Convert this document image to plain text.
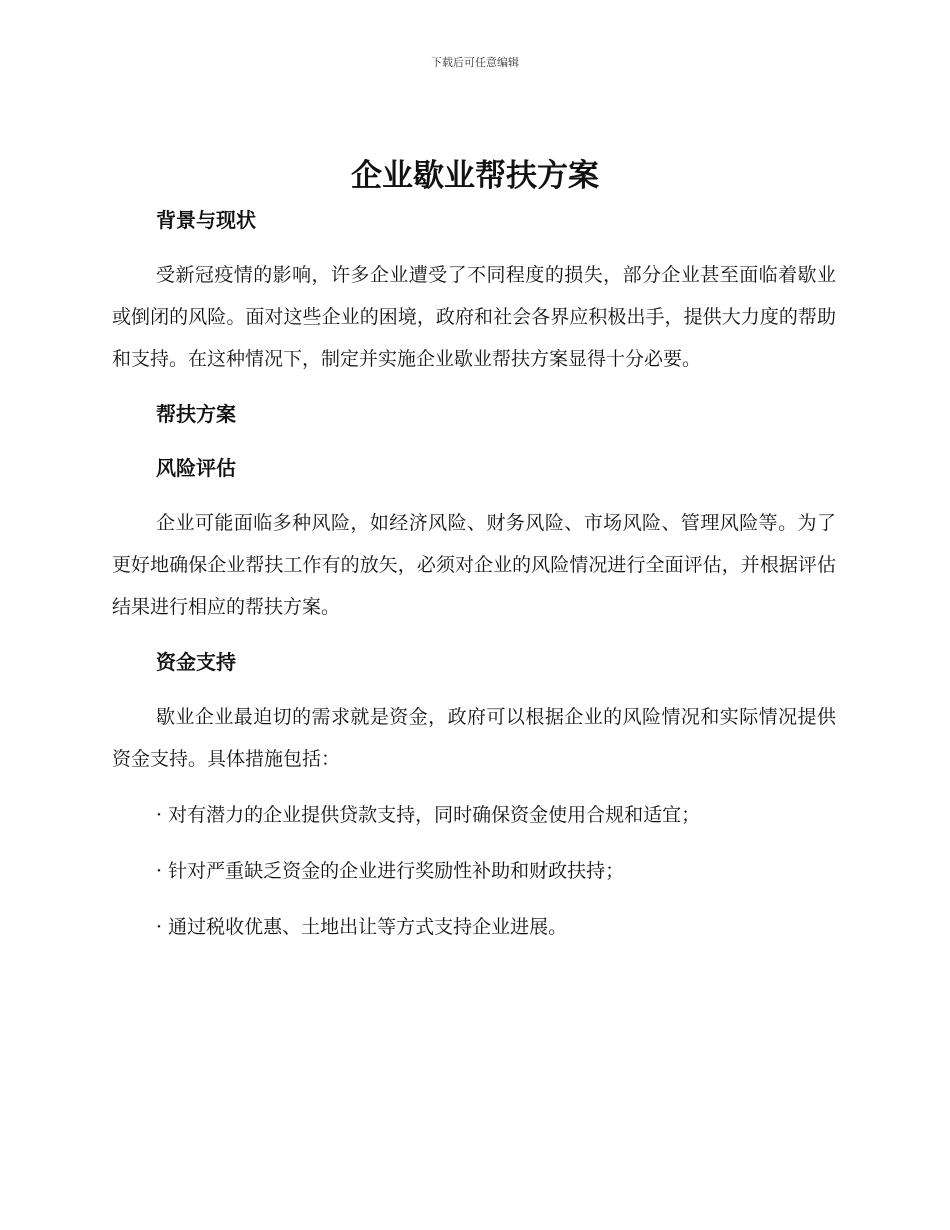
下载后可任意编辑
企业歇业帮扶方案
背景与现状

受新冠疫情的影响，许多企业遭受了不同程度的损失，部分企业甚至面临着歇业或倒闭的风险。面对这些企业的困境，政府和社会各界应积极出手，提供大力度的帮助和支持。在这种情况下，制定并实施企业歇业帮扶方案显得十分必要。

帮扶方案
风险评估

企业可能面临多种风险，如经济风险、财务风险、市场风险、管理风险等。为了更好地确保企业帮扶工作有的放矢，必须对企业的风险情况进行全面评估，并根据评估结果进行相应的帮扶方案。

资金支持

歇业企业最迫切的需求就是资金，政府可以根据企业的风险情况和实际情况提供资金支持。具体措施包括：

· 对有潜力的企业提供贷款支持，同时确保资金使用合规和适宜；

· 针对严重缺乏资金的企业进行奖励性补助和财政扶持；

· 通过税收优惠、土地出让等方式支持企业进展。
